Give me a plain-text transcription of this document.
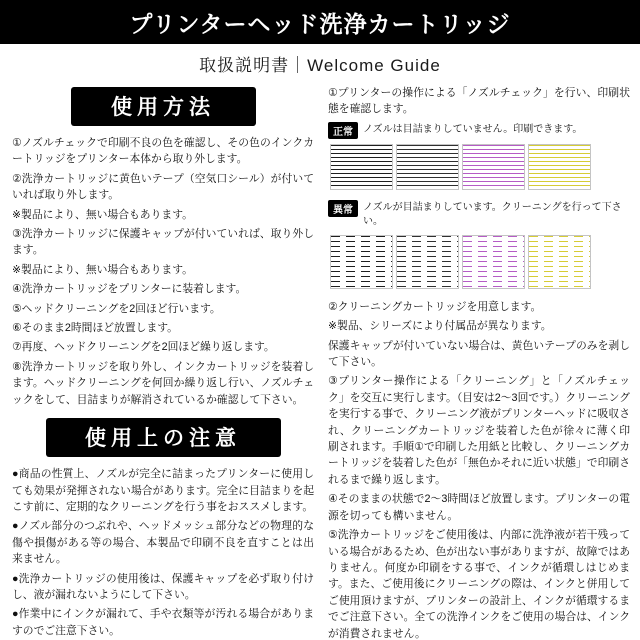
プリンターヘッド洗浄カートリッジ
取扱説明書｜Welcome Guide
使用方法

①ノズルチェックで印刷不良の色を確認し、その色のインクカートリッジをプリンター本体から取り外します。

②洗浄カートリッジに黄色いテープ（空気口シール）が付いていれば取り外します。

※製品により、無い場合もあります。

③洗浄カートリッジに保護キャップが付いていれば、取り外します。

※製品により、無い場合もあります。

④洗浄カートリッジをプリンターに装着します。

⑤ヘッドクリーニングを2回ほど行います。

⑥そのまま2時間ほど放置します。

⑦再度、ヘッドクリーニングを2回ほど繰り返します。

⑧洗浄カートリッジを取り外し、インクカートリッジを装着します。ヘッドクリーニングを何回か繰り返し行い、ノズルチェックをして、目詰まりが解消されているか確認して下さい。

使用上の注意

●商品の性質上、ノズルが完全に詰まったプリンターに使用しても効果が発揮されない場合があります。完全に目詰まりを起こす前に、定期的なクリーニングを行う事をおススメします。

●ノズル部分のつぶれや、ヘッドメッシュ部分などの物理的な傷や損傷がある等の場合、本製品で印刷不良を直すことは出来ません。

●洗浄カートリッジの使用後は、保護キャップを必ず取り付けし、液が漏れないようにして下さい。

●作業中にインクが漏れて、手や衣類等が汚れる場合がありますのでご注意下さい。

①プリンターの操作による「ノズルチェック」を行い、印刷状態を確認します。

正常	ノズルは目詰まりしていません。印刷できます。
異常	ノズルが目詰まりしています。クリーニングを行って下さい。

②クリーニングカートリッジを用意します。

※製品、シリーズにより付属品が異なります。

保護キャップが付いていない場合は、黄色いテープのみを剥して下さい。

③プリンター操作による「クリーニング」と「ノズルチェック」を交互に実行します。（目安は2～3回です。）クリーニングを実行する事で、クリーニング液がプリンターヘッドに吸収され、クリーニングカートリッジを装着した色が徐々に薄く印刷されます。手順①で印刷した用紙と比較し、クリーニングカートリッジを装着した色が「無色かそれに近い状態」で印刷されるまで繰り返します。

④そのままの状態で2～3時間ほど放置します。プリンターの電源を切っても構いません。

⑤洗浄カートリッジをご使用後は、内部に洗浄液が若干残っている場合があるため、色が出ない事がありますが、故障ではありません。何度か印刷をする事で、インクが循環しはじめます。また、ご使用後にクリーニングの際は、インクと併用してご使用頂けますが、プリンターの設計上、インクが循環するまでご注意下さい。全ての洗浄インクをご使用の場合は、インクが消費されません。
